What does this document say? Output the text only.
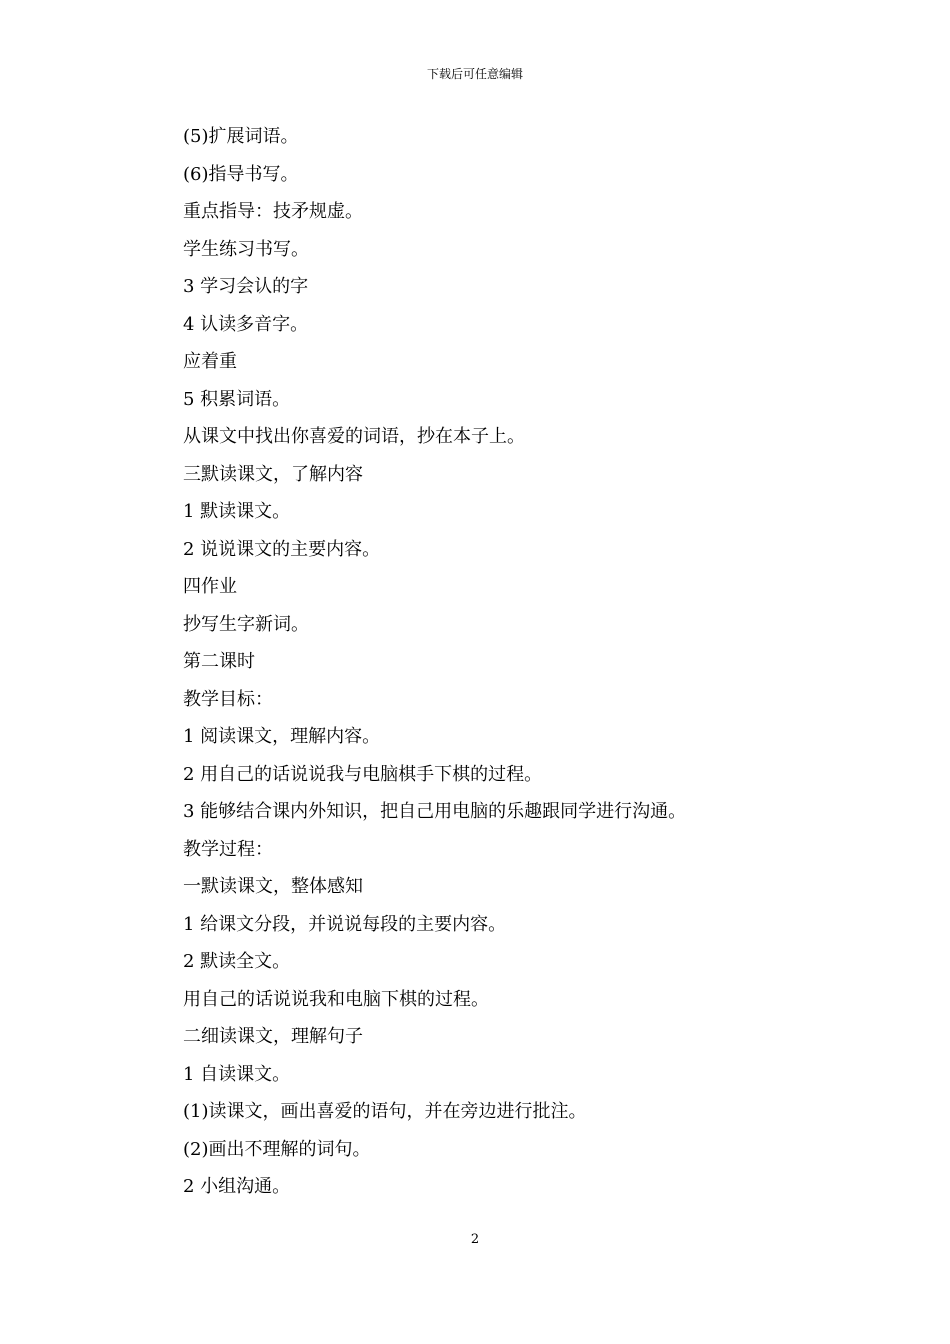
下载后可任意编辑
(5)扩展词语。
(6)指导书写。
重点指导：技矛规虚。
学生练习书写。
3 学习会认的字
4 认读多音字。
应着重
5 积累词语。
从课文中找出你喜爱的词语，抄在本子上。
三默读课文，了解内容
1 默读课文。
2 说说课文的主要内容。
四作业
抄写生字新词。
第二课时
教学目标：
1 阅读课文，理解内容。
2 用自己的话说说我与电脑棋手下棋的过程。
3 能够结合课内外知识，把自己用电脑的乐趣跟同学进行沟通。
教学过程：
一默读课文，整体感知
1 给课文分段，并说说每段的主要内容。
2 默读全文。
用自己的话说说我和电脑下棋的过程。
二细读课文，理解句子
1 自读课文。
(1)读课文，画出喜爱的语句，并在旁边进行批注。
(2)画出不理解的词句。
2 小组沟通。
2
